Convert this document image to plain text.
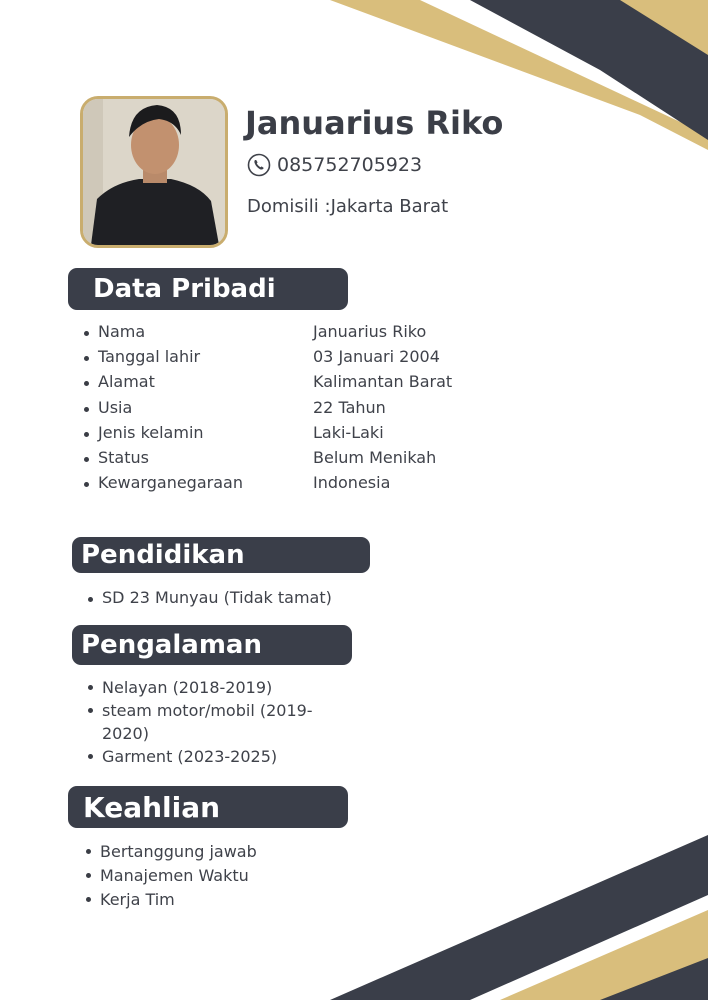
Januarius Riko
085752705923
Domisili :Jakarta Barat
Data Pribadi
Nama	Januarius Riko
Tanggal lahir	03 Januari 2004
Alamat	Kalimantan Barat
Usia	22 Tahun
Jenis kelamin	Laki-Laki
Status	Belum Menikah
Kewarganegaraan	Indonesia
Pendidikan
SD 23 Munyau (Tidak tamat)
Pengalaman
Nelayan (2018-2019)
steam motor/mobil (2019-2020)
Garment (2023-2025)
Keahlian
Bertanggung jawab
Manajemen Waktu
Kerja Tim
